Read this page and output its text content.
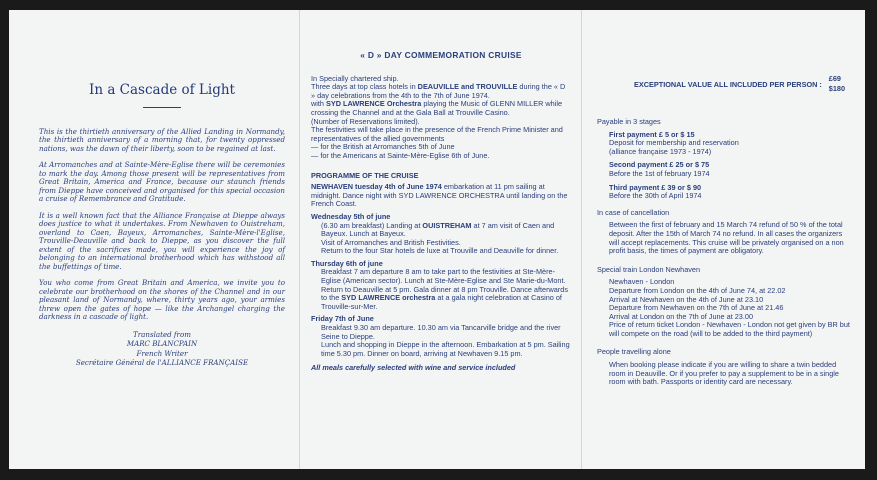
In a Cascade of Light

This is the thirtieth anniversary of the Allied Landing in Normandy, the thirtieth anniversary of a morning that, for twenty oppressed nations, was the dawn of their liberty, soon to be regained at last.

At Arromanches and at Sainte-Mère-Eglise there will be ceremonies to mark the day. Among those present will be representatives from Great Britain, America and France, because our staunch friends from Dieppe have conceived and organised for this special occasion a cruise of Remembrance and Gratitude.

It is a well known fact that the Alliance Française at Dieppe always does justice to what it undertakes. From Newhaven to Ouistreham, overland to Caen, Bayeux, Arromanches, Sainte-Mère-l'Eglise, Trouville-Deauville and back to Dieppe, as you discover the full extent of the sacrifices made, you will experience the joy of belonging to an international brotherhood which has withstood all the buffettings of time.

You who come from Great Britain and America, we invite you to celebrate our brotherhood on the shores of the Channel and in our pleasant land of Normandy, where, thirty years ago, your armies threw open the gates of hope — like the Archangel charging the darkness in a cascade of light.

Translated from
MARC BLANCPAIN
French Writer
Secrétaire Général de l'ALLIANCE FRANÇAISE
« D » DAY COMMEMORATION CRUISE

In Specially chartered ship.

Three days at top class hotels in DEAUVILLE and TROUVILLE during the « D » day celebrations from the 4th to the 7th of June 1974.

with SYD LAWRENCE Orchestra playing the Music of GLENN MILLER while crossing the Channel and at the Gala Ball at Trouville Casino.

(Number of Reservations limited).

The festivities will take place in the presence of the French Prime Minister and representatives of the allied governments

— for the British at Arromanches 5th of June

— for the Americans at Sainte-Mère-Eglise 6th of June.

PROGRAMME OF THE CRUISE

NEWHAVEN tuesday 4th of June 1974 embarkation at 11 pm sailing at midnight. Dance night with SYD LAWRENCE ORCHESTRA until landing on the French Coast.

Wednesday 5th of june

(6.30 am breakfast) Landing at OUISTREHAM at 7 am visit of Caen and Bayeux. Lunch at Bayeux.

Visit of Arromanches and British Festivities.

Return to the four Star hotels de luxe at Trouville and Deauville for dinner.

Thursday 6th of june

Breakfast 7 am departure 8 am to take part to the festivities at Ste-Mère-Eglise (American sector). Lunch at Ste-Mère-Eglise and Ste Marie-du-Mont. Return to Deauville at 5 pm. Gala dinner at 8 pm Trouville. Dance afterwards to the SYD LAWRENCE orchestra at a gala night celebration at Casino of Trouville-sur-Mer.

Friday 7th of June

Breakfast 9.30 am departure. 10.30 am via Tancarville bridge and the river Seine to Dieppe.

Lunch and shopping in Dieppe in the afternoon. Embarkation at 5 pm. Sailing time 5.30 pm. Dinner on board, arriving at Newhaven 9.15 pm.

All meals carefully selected with wine and service included
EXCEPTIONAL VALUE ALL INCLUDED PER PERSON :
£69
$180
Payable in 3 stages
First payment £ 5 or $ 15
Deposit for membership and reservation
(alliance française 1973 - 1974)
Second payment £ 25 or $ 75
Before the 1st of february 1974
Third payment £ 39 or $ 90
Before the 30th of April 1974
In case of cancellation
Between the first of february and 15 March 74 refund of 50 % of the total deposit. After the 15th of March 74 no refund. In all cases the organizers will accept replacements. This cruise will be privately organised on a non profit basis, the times of payment are obligatory.
Special train London Newhaven
Newhaven - London
Departure from London on the 4th of June 74, at 22.02
Arrival at Newhaven on the 4th of June at 23.10
Departure from Newhaven on the 7th of June at 21.46
Arrival at London on the 7th of June at 23.00
Price of return ticket London - Newhaven - London not get given by BR but will compete on the road (will to be added to the third payment)
People travelling alone
When booking please indicate if you are willing to share a twin bedded room in Deauville. Or if you prefer to pay a supplement to be in a single room with bath. Passports or identity card are necessary.
